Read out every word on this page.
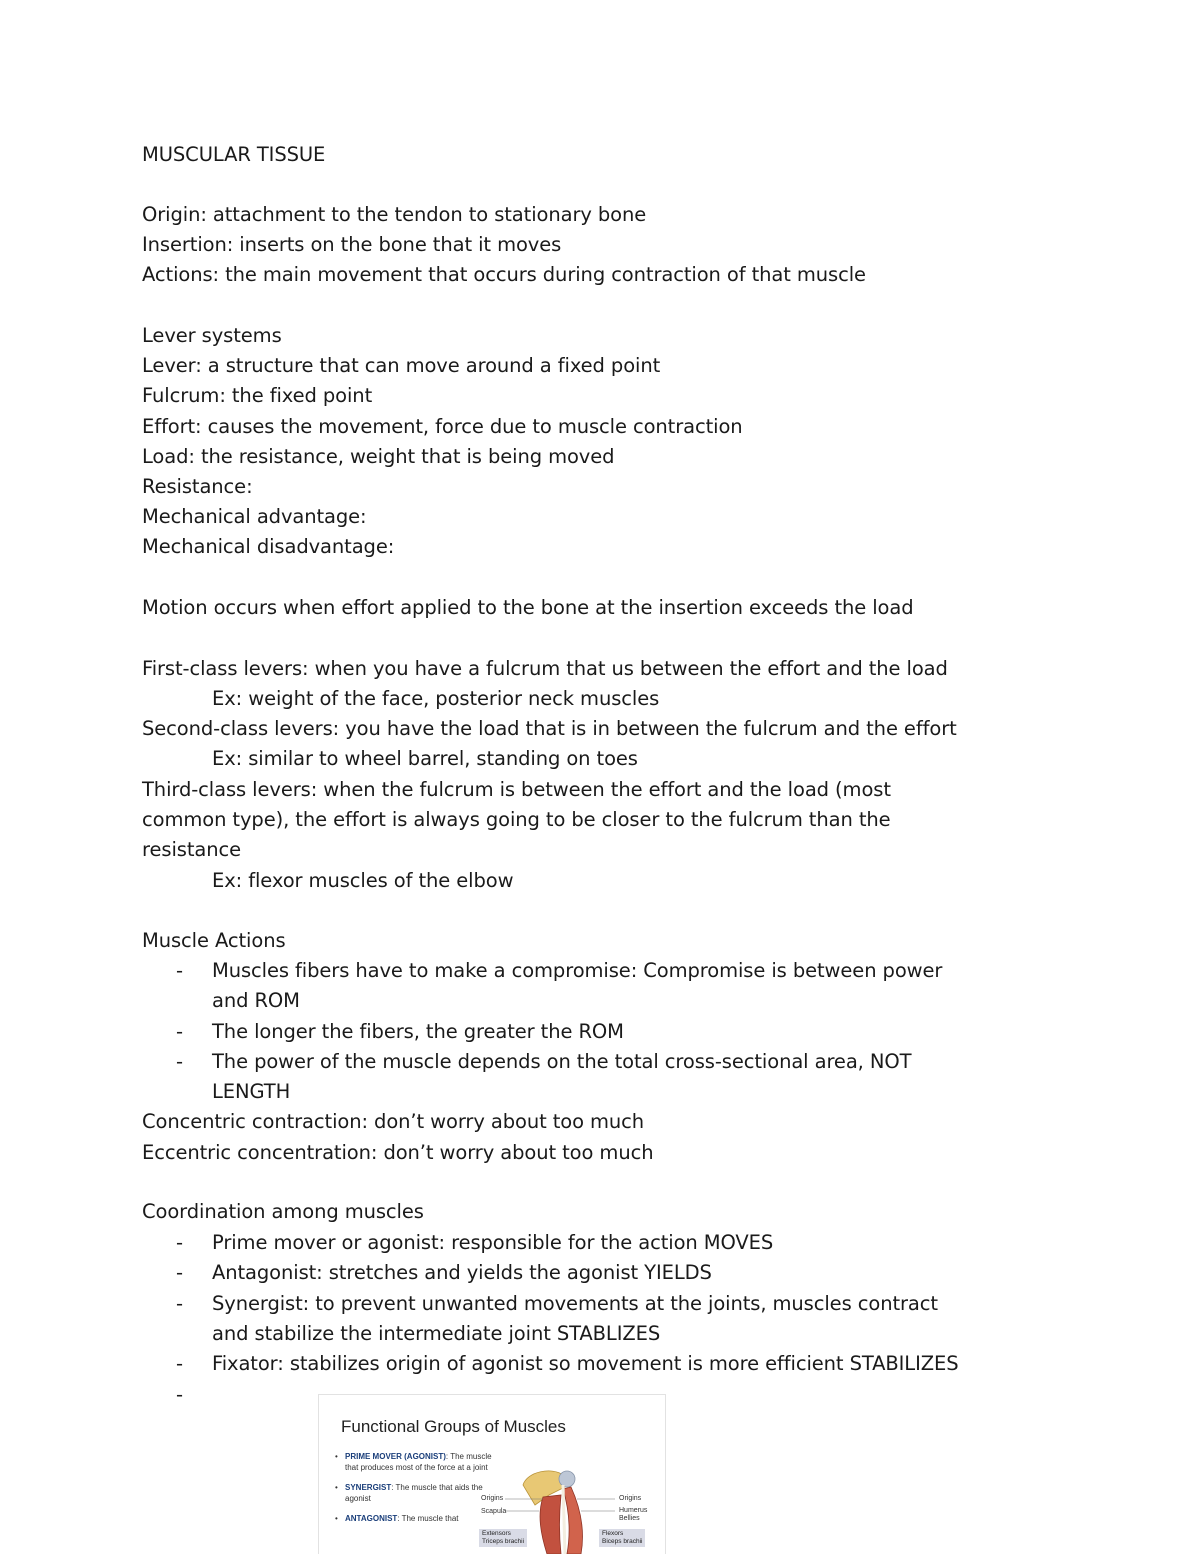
MUSCULAR TISSUE

Origin: attachment to the tendon to stationary bone

Insertion: inserts on the bone that it moves

Actions: the main movement that occurs during contraction of that muscle

Lever systems

Lever: a structure that can move around a fixed point

Fulcrum: the fixed point

Effort: causes the movement, force due to muscle contraction

Load: the resistance, weight that is being moved

Resistance:

Mechanical advantage:

Mechanical disadvantage:

Motion occurs when effort applied to the bone at the insertion exceeds the load

First-class levers: when you have a fulcrum that us between the effort and the load

Ex: weight of the face, posterior neck muscles

Second-class levers: you have the load that is in between the fulcrum and the effort

Ex: similar to wheel barrel, standing on toes

Third-class levers: when the fulcrum is between the effort and the load (most

common type), the effort is always going to be closer to the fulcrum than the

resistance

Ex: flexor muscles of the elbow

Muscle Actions

- Muscles fibers have to make a compromise: Compromise is between power

and ROM

- The longer the fibers, the greater the ROM

- The power of the muscle depends on the total cross-sectional area, NOT

LENGTH

Concentric contraction: don’t worry about too much

Eccentric concentration: don’t worry about too much

Coordination among muscles

- Prime mover or agonist: responsible for the action MOVES

- Antagonist: stretches and yields the agonist YIELDS

- Synergist: to prevent unwanted movements at the joints, muscles contract

and stabilize the intermediate joint STABLIZES

- Fixator: stabilizes origin of agonist so movement is more efficient STABILIZES

-
Functional Groups of Muscles
• PRIME MOVER (AGONIST): The muscle that produces most of the force at a joint
• SYNERGIST: The muscle that aids the agonist
• ANTAGONIST: The muscle that
Origins
Scapula
Origins
Humerus
Bellies
Extensors
Triceps brachii
Flexors
Biceps brachii
